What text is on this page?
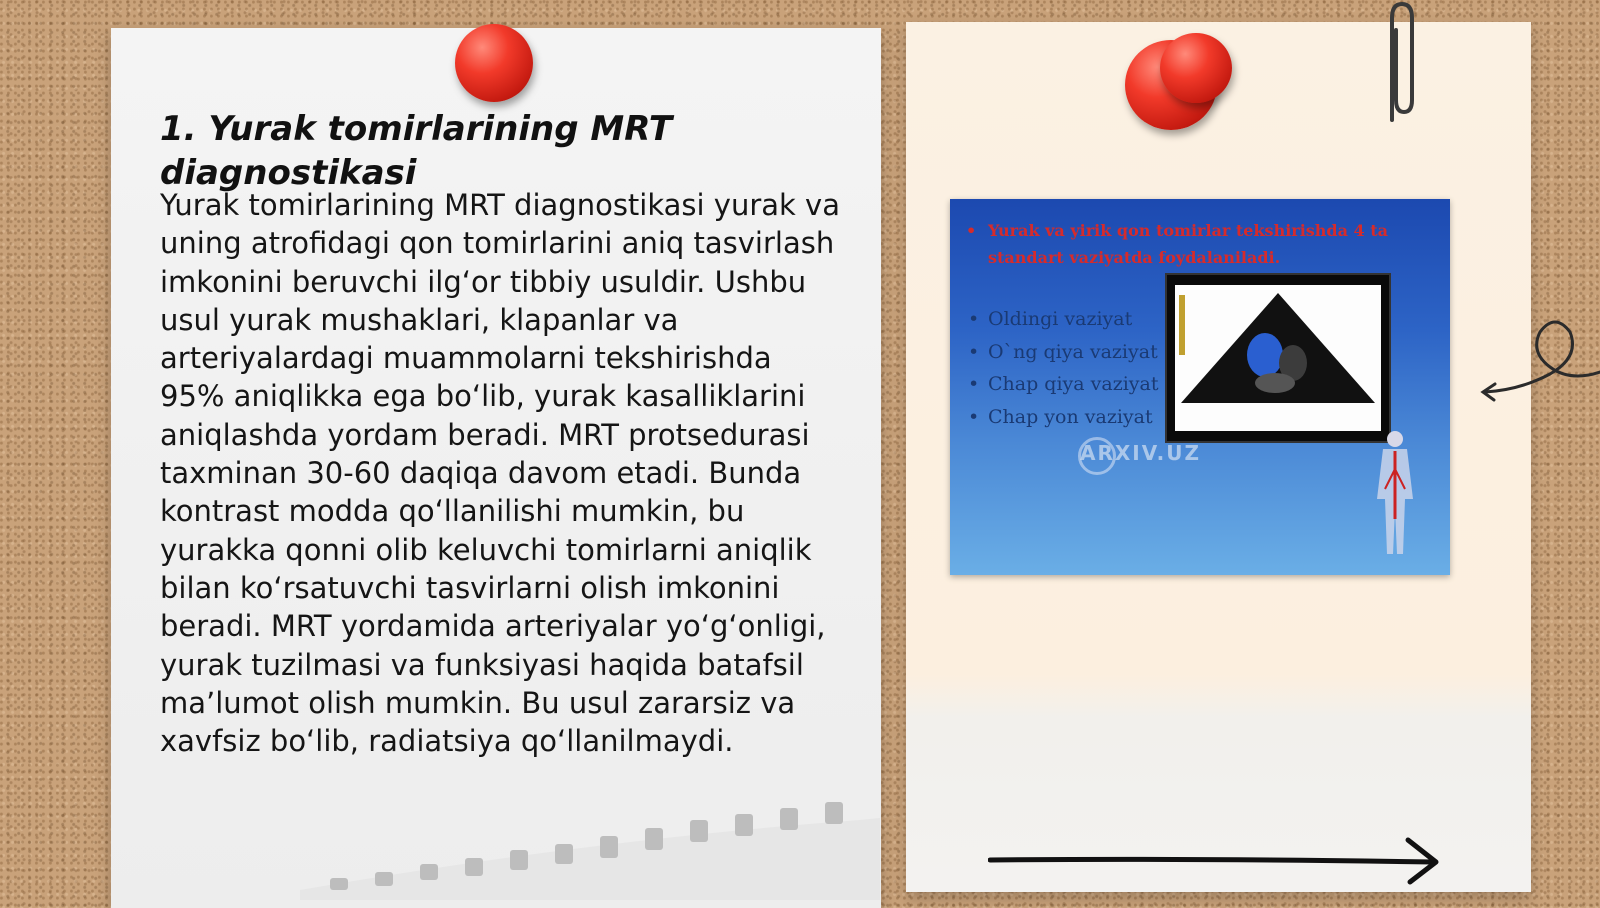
1. Yurak tomirlarining MRT diagnostikasi

Yurak tomirlarining MRT diagnostikasi yurak va uning atrofidagi qon tomirlarini aniq tasvirlash imkonini beruvchi ilg‘or tibbiy usuldir. Ushbu usul yurak mushaklari, klapanlar va arteriyalardagi muammolarni tekshirishda 95% aniqlikka ega bo‘lib, yurak kasalliklarini aniqlashda yordam beradi. MRT protsedurasi taxminan 30-60 daqiqa davom etadi. Bunda kontrast modda qo‘llanilishi mumkin, bu yurakka qonni olib keluvchi tomirlarni aniqlik bilan ko‘rsatuvchi tasvirlarni olish imkonini beradi. MRT yordamida arteriyalar yo‘g‘onligi, yurak tuzilmasi va funksiyasi haqida batafsil ma’lumot olish mumkin. Bu usul zararsiz va xavfsiz bo‘lib, radiatsiya qo‘llanilmaydi.

• Yurak va yirik qon tomirlar tekshirishda 4 ta standart vaziyatda foydalaniladi.
• Oldingi vaziyat
• O`ng qiya vaziyat
• Chap qiya vaziyat
• Chap yon vaziyat
ARXIV.UZ
